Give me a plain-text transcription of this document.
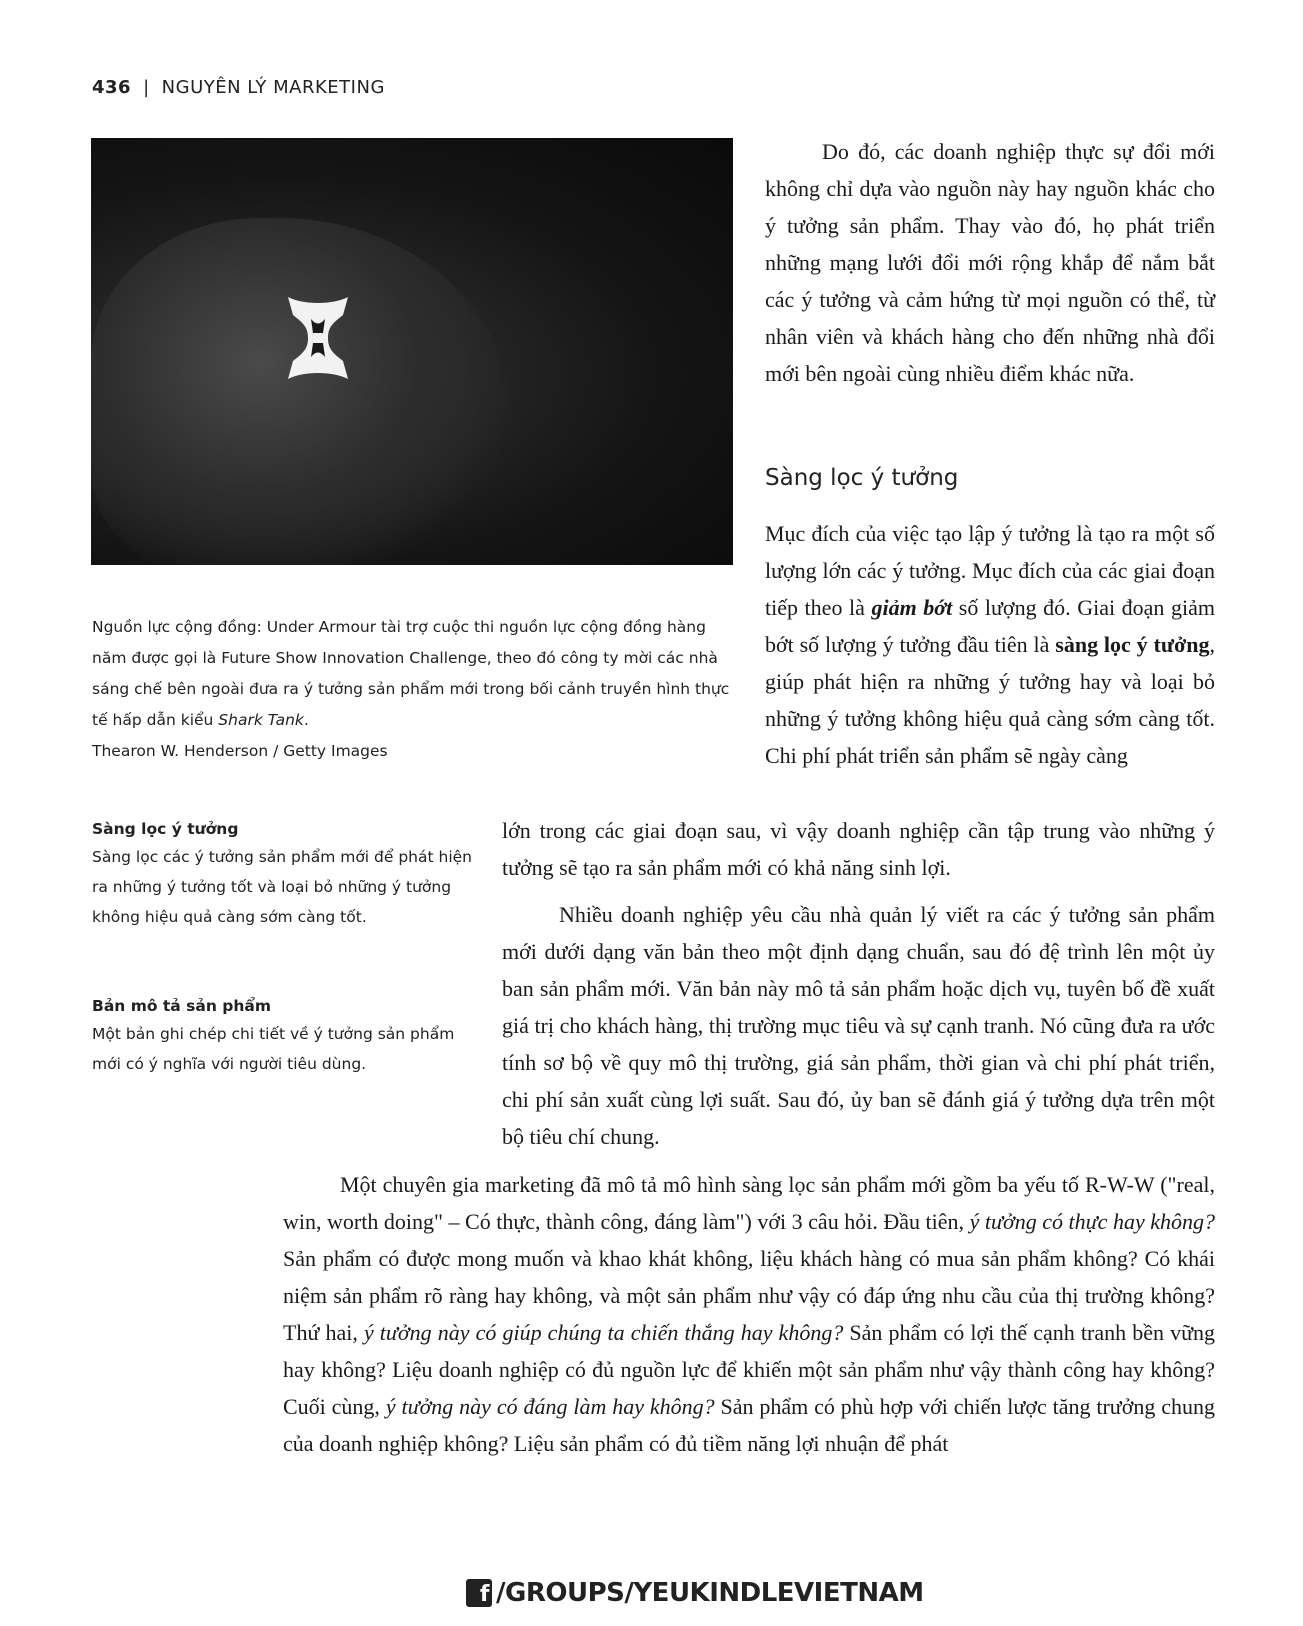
436 | NGUYÊN LÝ MARKETING
Nguồn lực cộng đồng: Under Armour tài trợ cuộc thi nguồn lực cộng đồng hàng năm được gọi là Future Show Innovation Challenge, theo đó công ty mời các nhà sáng chế bên ngoài đưa ra ý tưởng sản phẩm mới trong bối cảnh truyền hình thực tế hấp dẫn kiểu Shark Tank.
Thearon W. Henderson / Getty Images
Sàng lọc ý tưởng
Sàng lọc các ý tưởng sản phẩm mới để phát hiện ra những ý tưởng tốt và loại bỏ những ý tưởng không hiệu quả càng sớm càng tốt.
Bản mô tả sản phẩm
Một bản ghi chép chi tiết về ý tưởng sản phẩm mới có ý nghĩa với người tiêu dùng.

Do đó, các doanh nghiệp thực sự đổi mới không chỉ dựa vào nguồn này hay nguồn khác cho ý tưởng sản phẩm. Thay vào đó, họ phát triển những mạng lưới đổi mới rộng khắp để nắm bắt các ý tưởng và cảm hứng từ mọi nguồn có thể, từ nhân viên và khách hàng cho đến những nhà đổi mới bên ngoài cùng nhiều điểm khác nữa.

Sàng lọc ý tưởng

Mục đích của việc tạo lập ý tưởng là tạo ra một số lượng lớn các ý tưởng. Mục đích của các giai đoạn tiếp theo là giảm bớt số lượng đó. Giai đoạn giảm bớt số lượng ý tưởng đầu tiên là sàng lọc ý tưởng, giúp phát hiện ra những ý tưởng hay và loại bỏ những ý tưởng không hiệu quả càng sớm càng tốt. Chi phí phát triển sản phẩm sẽ ngày càng

lớn trong các giai đoạn sau, vì vậy doanh nghiệp cần tập trung vào những ý tưởng sẽ tạo ra sản phẩm mới có khả năng sinh lợi.

Nhiều doanh nghiệp yêu cầu nhà quản lý viết ra các ý tưởng sản phẩm mới dưới dạng văn bản theo một định dạng chuẩn, sau đó đệ trình lên một ủy ban sản phẩm mới. Văn bản này mô tả sản phẩm hoặc dịch vụ, tuyên bố đề xuất giá trị cho khách hàng, thị trường mục tiêu và sự cạnh tranh. Nó cũng đưa ra ước tính sơ bộ về quy mô thị trường, giá sản phẩm, thời gian và chi phí phát triển, chi phí sản xuất cùng lợi suất. Sau đó, ủy ban sẽ đánh giá ý tưởng dựa trên một bộ tiêu chí chung.

Một chuyên gia marketing đã mô tả mô hình sàng lọc sản phẩm mới gồm ba yếu tố R-W-W ("real, win, worth doing" – Có thực, thành công, đáng làm") với 3 câu hỏi. Đầu tiên, ý tưởng có thực hay không? Sản phẩm có được mong muốn và khao khát không, liệu khách hàng có mua sản phẩm không? Có khái niệm sản phẩm rõ ràng hay không, và một sản phẩm như vậy có đáp ứng nhu cầu của thị trường không? Thứ hai, ý tưởng này có giúp chúng ta chiến thắng hay không? Sản phẩm có lợi thế cạnh tranh bền vững hay không? Liệu doanh nghiệp có đủ nguồn lực để khiến một sản phẩm như vậy thành công hay không? Cuối cùng, ý tưởng này có đáng làm hay không? Sản phẩm có phù hợp với chiến lược tăng trưởng chung của doanh nghiệp không? Liệu sản phẩm có đủ tiềm năng lợi nhuận để phát

f /GROUPS/YEUKINDLEVIETNAM
